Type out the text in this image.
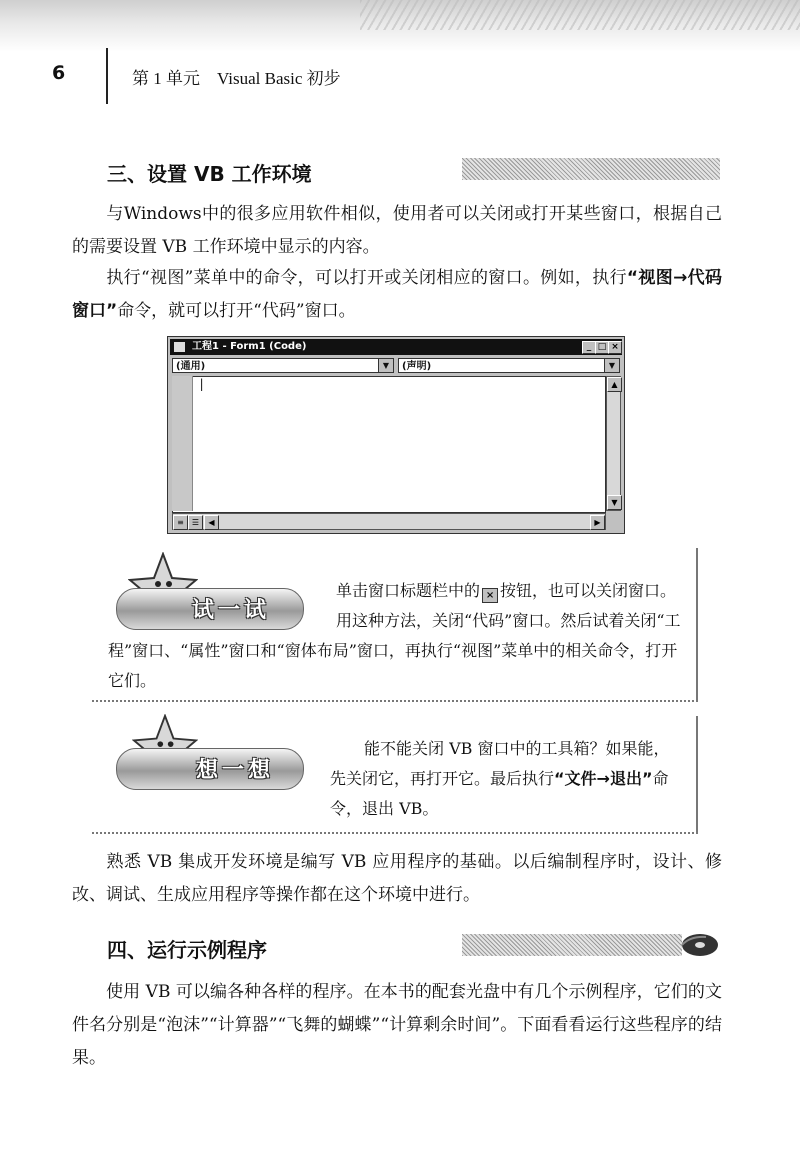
6	第 1 单元　Visual Basic 初步
三、设置 VB 工作环境
与Windows中的很多应用软件相似，使用者可以关闭或打开某些窗口，根据自己的需要设置 VB 工作环境中显示的内容。
执行“视图”菜单中的命令，可以打开或关闭相应的窗口。例如，执行“视图→代码窗口”命令，就可以打开“代码”窗口。
工程1 - Form1 (Code)	_ □ ×
(通用)	▼	(声明)	▼
|	▲
▼
≡	☰	◀	▶
试一试
单击窗口标题栏中的 × 按钮，也可以关闭窗口。用这种方法，关闭“代码”窗口。然后试着关闭“工程”窗口、“属性”窗口和“窗体布局”窗口，再执行“视图”菜单中的相关命令，打开它们。
想一想
能不能关闭 VB 窗口中的工具箱？如果能，先关闭它，再打开它。最后执行“文件→退出”命令，退出 VB。
熟悉 VB 集成开发环境是编写 VB 应用程序的基础。以后编制程序时，设计、修改、调试、生成应用程序等操作都在这个环境中进行。
四、运行示例程序
使用 VB 可以编各种各样的程序。在本书的配套光盘中有几个示例程序，它们的文件名分别是“泡沫”“计算器”“飞舞的蝴蝶”“计算剩余时间”。下面看看运行这些程序的结果。
